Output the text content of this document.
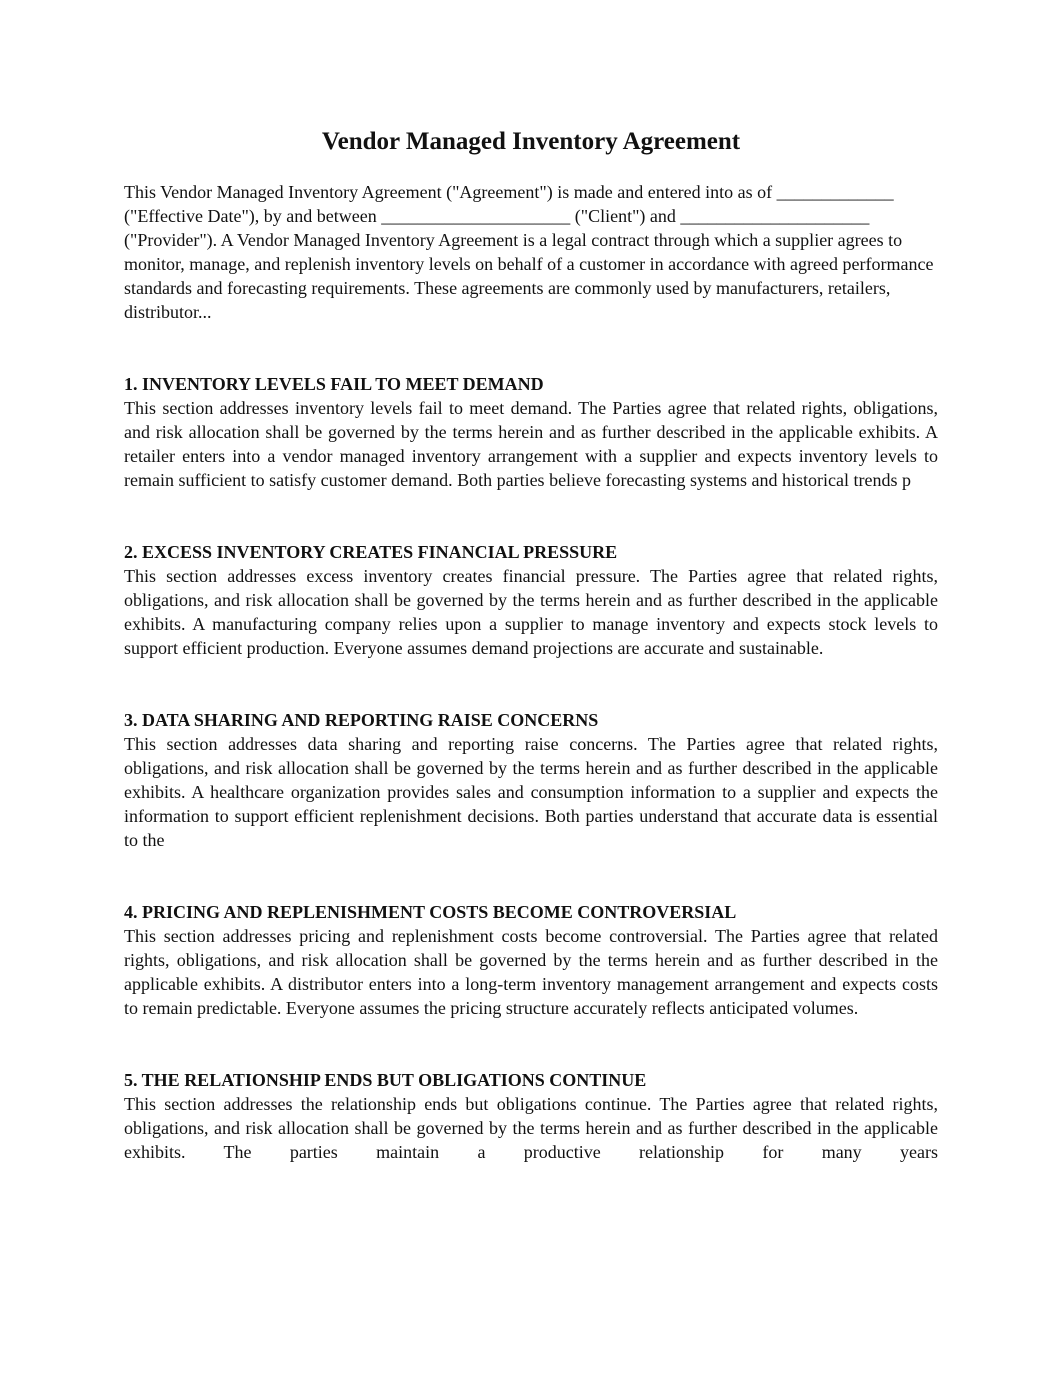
Vendor Managed Inventory Agreement

This Vendor Managed Inventory Agreement ("Agreement") is made and entered into as of _____________ ("Effective Date"), by and between _____________________ ("Client") and _____________________ ("Provider"). A Vendor Managed Inventory Agreement is a legal contract through which a supplier agrees to monitor, manage, and replenish inventory levels on behalf of a customer in accordance with agreed performance standards and forecasting requirements. These agreements are commonly used by manufacturers, retailers, distributor...

1. INVENTORY LEVELS FAIL TO MEET DEMAND

This section addresses inventory levels fail to meet demand. The Parties agree that related rights, obligations, and risk allocation shall be governed by the terms herein and as further described in the applicable exhibits. A retailer enters into a vendor managed inventory arrangement with a supplier and expects inventory levels to remain sufficient to satisfy customer demand. Both parties believe forecasting systems and historical trends p

2. EXCESS INVENTORY CREATES FINANCIAL PRESSURE

This section addresses excess inventory creates financial pressure. The Parties agree that related rights, obligations, and risk allocation shall be governed by the terms herein and as further described in the applicable exhibits. A manufacturing company relies upon a supplier to manage inventory and expects stock levels to support efficient production. Everyone assumes demand projections are accurate and sustainable.

3. DATA SHARING AND REPORTING RAISE CONCERNS

This section addresses data sharing and reporting raise concerns. The Parties agree that related rights, obligations, and risk allocation shall be governed by the terms herein and as further described in the applicable exhibits. A healthcare organization provides sales and consumption information to a supplier and expects the information to support efficient replenishment decisions. Both parties understand that accurate data is essential to the

4. PRICING AND REPLENISHMENT COSTS BECOME CONTROVERSIAL

This section addresses pricing and replenishment costs become controversial. The Parties agree that related rights, obligations, and risk allocation shall be governed by the terms herein and as further described in the applicable exhibits. A distributor enters into a long-term inventory management arrangement and expects costs to remain predictable. Everyone assumes the pricing structure accurately reflects anticipated volumes.

5. THE RELATIONSHIP ENDS BUT OBLIGATIONS CONTINUE

This section addresses the relationship ends but obligations continue. The Parties agree that related rights, obligations, and risk allocation shall be governed by the terms herein and as further described in the applicable exhibits. The parties maintain a productive relationship for many years
